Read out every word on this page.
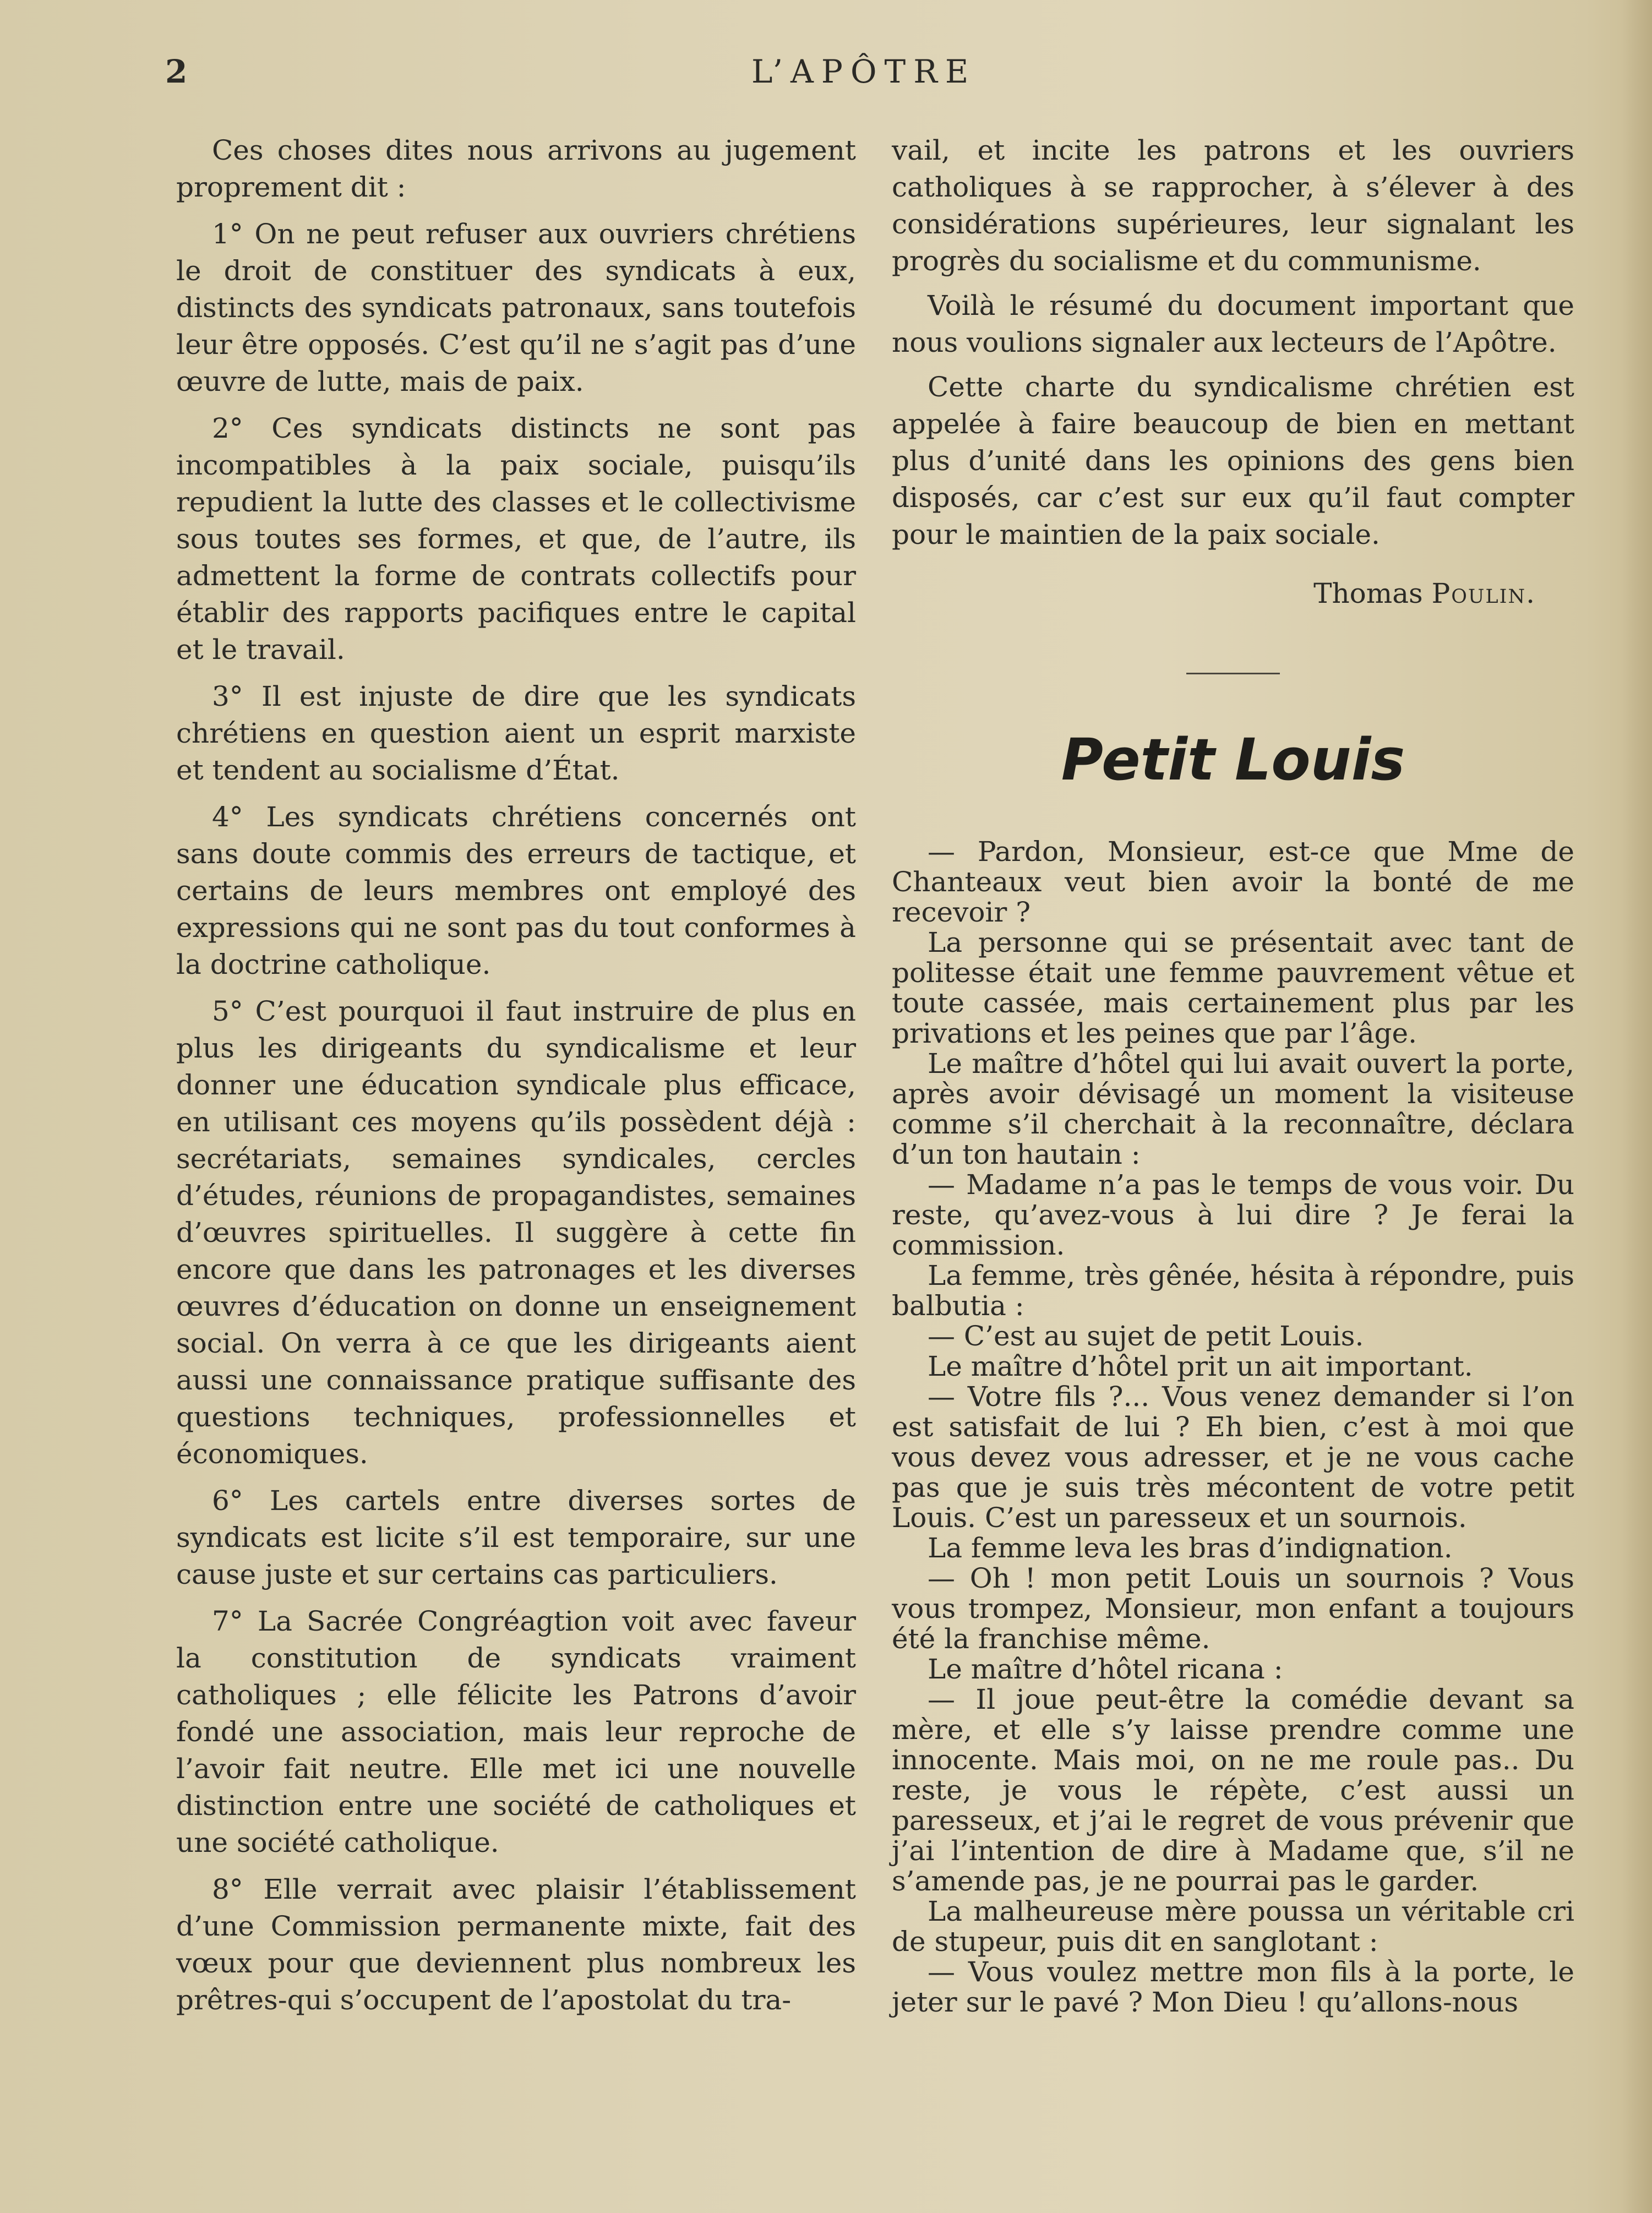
2	L’APÔTRE

Ces choses dites nous arrivons au jugement proprement dit :

1° On ne peut refuser aux ouvriers chrétiens le droit de constituer des syndicats à eux, distincts des syndicats patronaux, sans toutefois leur être opposés. C’est qu’il ne s’agit pas d’une œuvre de lutte, mais de paix.

2° Ces syndicats distincts ne sont pas incompatibles à la paix sociale, puisqu’ils repudient la lutte des classes et le collectivisme sous toutes ses formes, et que, de l’autre, ils admettent la forme de contrats collectifs pour établir des rapports pacifiques entre le capital et le travail.

3° Il est injuste de dire que les syndicats chrétiens en question aient un esprit marxiste et tendent au socialisme d’État.

4° Les syndicats chrétiens concernés ont sans doute commis des erreurs de tactique, et certains de leurs membres ont employé des expressions qui ne sont pas du tout conformes à la doctrine catholique.

5° C’est pourquoi il faut instruire de plus en plus les dirigeants du syndicalisme et leur donner une éducation syndicale plus efficace, en utilisant ces moyens qu’ils possèdent déjà : secrétariats, semaines syndicales, cercles d’études, réunions de propagandistes, semaines d’œuvres spirituelles. Il suggère à cette fin encore que dans les patronages et les diverses œuvres d’éducation on donne un enseignement social. On verra à ce que les dirigeants aient aussi une connaissance pratique suffisante des questions techniques, professionnelles et économiques.

6° Les cartels entre diverses sortes de syndicats est licite s’il est temporaire, sur une cause juste et sur certains cas particuliers.

7° La Sacrée Congréagtion voit avec faveur la constitution de syndicats vraiment catholiques ; elle félicite les Patrons d’avoir fondé une association, mais leur reproche de l’avoir fait neutre. Elle met ici une nouvelle distinction entre une société de catholiques et une société catholique.

8° Elle verrait avec plaisir l’établissement d’une Commission permanente mixte, fait des vœux pour que deviennent plus nombreux les prêtres-qui s’occupent de l’apostolat du tra-

vail, et incite les patrons et les ouvriers catholiques à se rapprocher, à s’élever à des considérations supérieures, leur signalant les progrès du socialisme et du communisme.

Voilà le résumé du document important que nous voulions signaler aux lecteurs de l’Apôtre.

Cette charte du syndicalisme chrétien est appelée à faire beaucoup de bien en mettant plus d’unité dans les opinions des gens bien disposés, car c’est sur eux qu’il faut compter pour le maintien de la paix sociale.

Thomas Poulin.

Petit Louis

— Pardon, Monsieur, est-ce que Mme de Chanteaux veut bien avoir la bonté de me recevoir ?

La personne qui se présentait avec tant de politesse était une femme pauvrement vêtue et toute cassée, mais certainement plus par les privations et les peines que par l’âge.

Le maître d’hôtel qui lui avait ouvert la porte, après avoir dévisagé un moment la visiteuse comme s’il cherchait à la reconnaître, déclara d’un ton hautain :

— Madame n’a pas le temps de vous voir. Du reste, qu’avez-vous à lui dire ? Je ferai la commission.

La femme, très gênée, hésita à répondre, puis balbutia :

— C’est au sujet de petit Louis.

Le maître d’hôtel prit un ait important.

— Votre fils ?... Vous venez demander si l’on est satisfait de lui ? Eh bien, c’est à moi que vous devez vous adresser, et je ne vous cache pas que je suis très mécontent de votre petit Louis. C’est un paresseux et un sournois.

La femme leva les bras d’indignation.

— Oh ! mon petit Louis un sournois ? Vous vous trompez, Monsieur, mon enfant a toujours été la franchise même.

Le maître d’hôtel ricana :

— Il joue peut-être la comédie devant sa mère, et elle s’y laisse prendre comme une innocente. Mais moi, on ne me roule pas.. Du reste, je vous le répète, c’est aussi un paresseux, et j’ai le regret de vous prévenir que j’ai l’intention de dire à Madame que, s’il ne s’amende pas, je ne pourrai pas le garder.

La malheureuse mère poussa un véritable cri de stupeur, puis dit en sanglotant :

— Vous voulez mettre mon fils à la porte, le jeter sur le pavé ? Mon Dieu ! qu’allons-nous
